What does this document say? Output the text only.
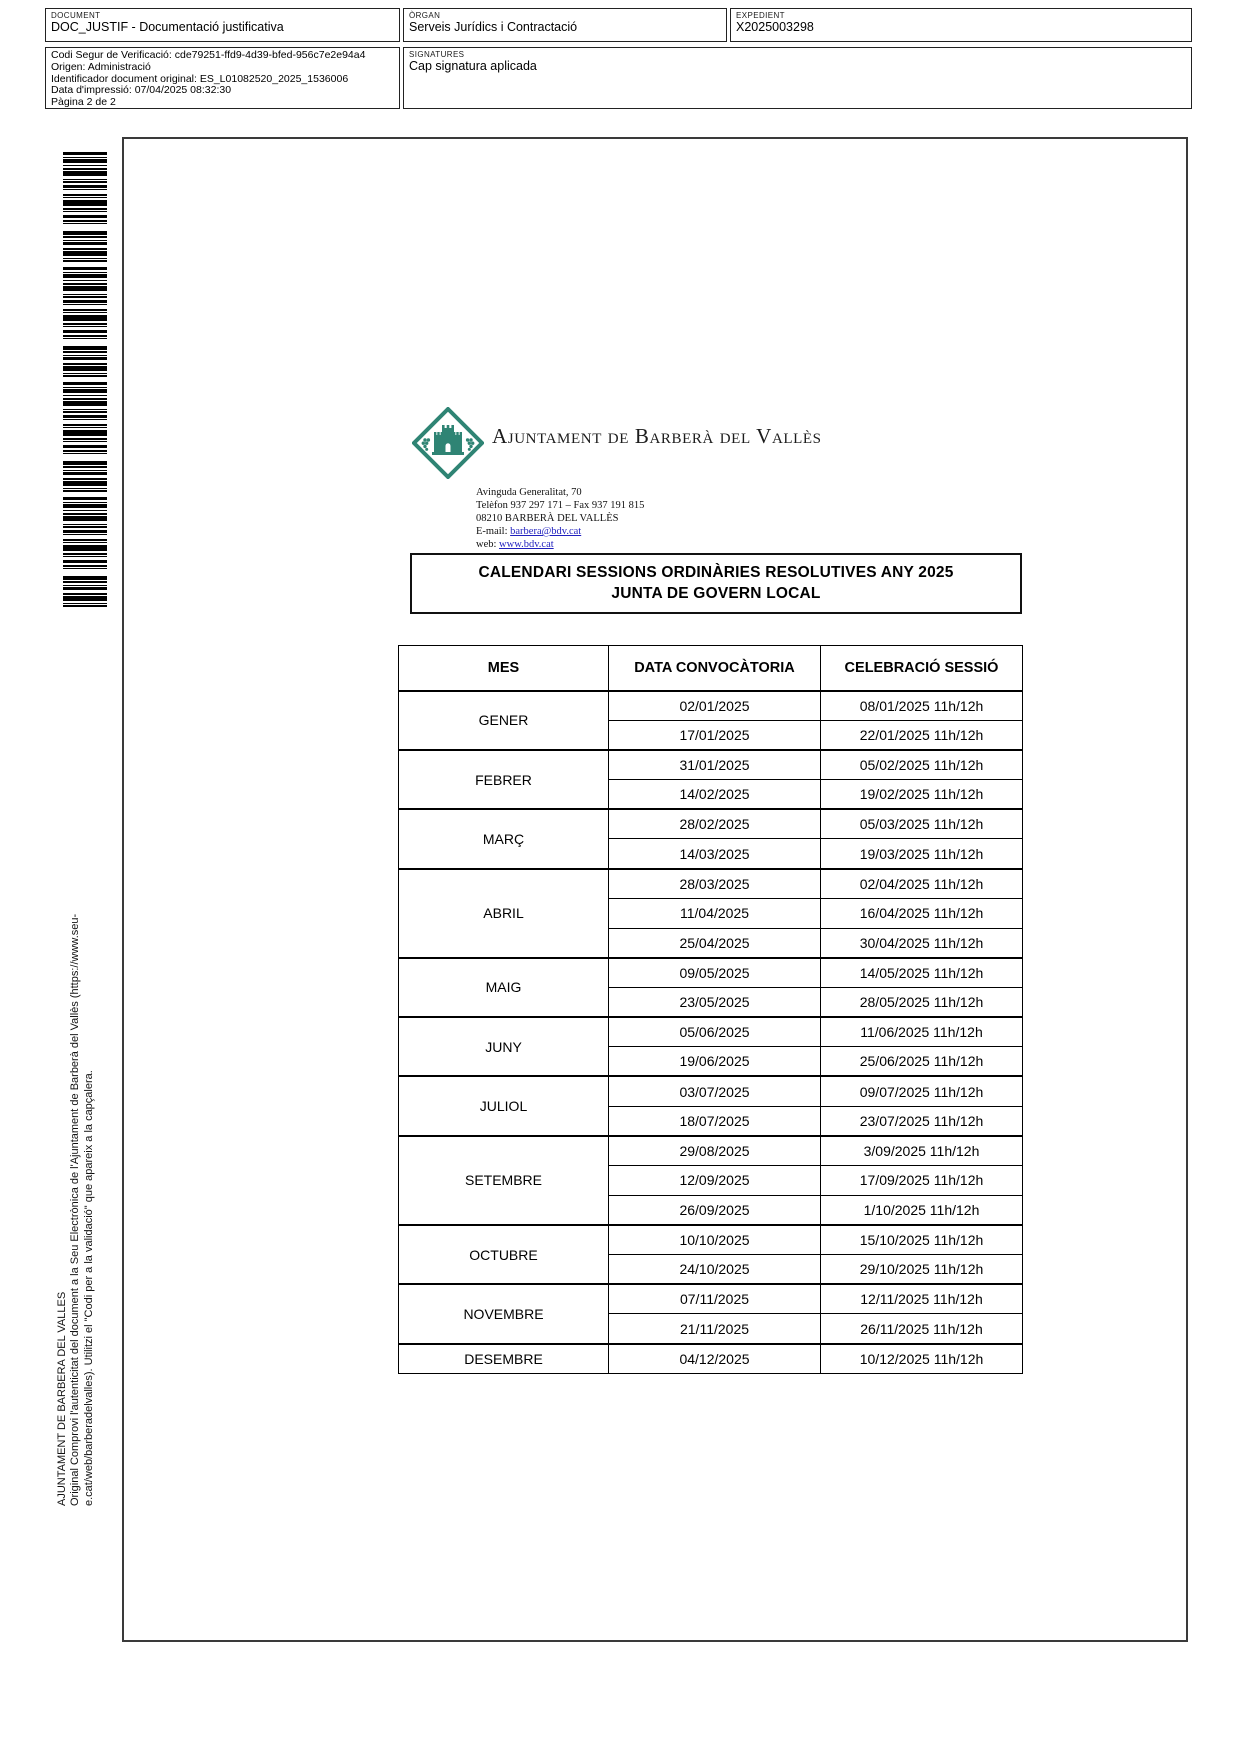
DOCUMENT
DOC_JUSTIF - Documentació justificativa
ÒRGAN
Serveis Jurídics i Contractació
EXPEDIENT
X2025003298
Codi Segur de Verificació: cde79251-ffd9-4d39-bfed-956c7e2e94a4
Origen: Administració
Identificador document original: ES_L01082520_2025_1536006
Data d'impressió: 07/04/2025 08:32:30
Pàgina 2 de 2
SIGNATURES
Cap signatura aplicada
AJUNTAMENT DE BARBERA DEL VALLES Original Comprovi l'autenticitat del document a la Seu Electrònica de l'Ajuntament de Barberà del Vallès (https://www.seu- e.cat/web/barberadelvalles). Utilitzi el "Codi per a la validació" que apareix a la capçalera.
Ajuntament de Barberà del Vallès
Avinguda Generalitat, 70
Telèfon 937 297 171 – Fax 937 191 815
08210 BARBERÀ DEL VALLÈS
E-mail: barbera@bdv.cat
web: www.bdv.cat
CALENDARI SESSIONS ORDINÀRIES RESOLUTIVES ANY 2025
JUNTA DE GOVERN LOCAL
MES	DATA CONVOCÀTORIA	CELEBRACIÓ SESSIÓ
GENER	02/01/2025	08/01/2025 11h/12h
	17/01/2025	22/01/2025 11h/12h
FEBRER	31/01/2025	05/02/2025 11h/12h
	14/02/2025	19/02/2025 11h/12h
MARÇ	28/02/2025	05/03/2025 11h/12h
	14/03/2025	19/03/2025 11h/12h
ABRIL	28/03/2025	02/04/2025 11h/12h
	11/04/2025	16/04/2025 11h/12h
	25/04/2025	30/04/2025 11h/12h
MAIG	09/05/2025	14/05/2025 11h/12h
	23/05/2025	28/05/2025 11h/12h
JUNY	05/06/2025	11/06/2025 11h/12h
	19/06/2025	25/06/2025 11h/12h
JULIOL	03/07/2025	09/07/2025 11h/12h
	18/07/2025	23/07/2025 11h/12h
SETEMBRE	29/08/2025	3/09/2025 11h/12h
	12/09/2025	17/09/2025 11h/12h
	26/09/2025	1/10/2025 11h/12h
OCTUBRE	10/10/2025	15/10/2025 11h/12h
	24/10/2025	29/10/2025 11h/12h
NOVEMBRE	07/11/2025	12/11/2025 11h/12h
	21/11/2025	26/11/2025 11h/12h
DESEMBRE	04/12/2025	10/12/2025 11h/12h
